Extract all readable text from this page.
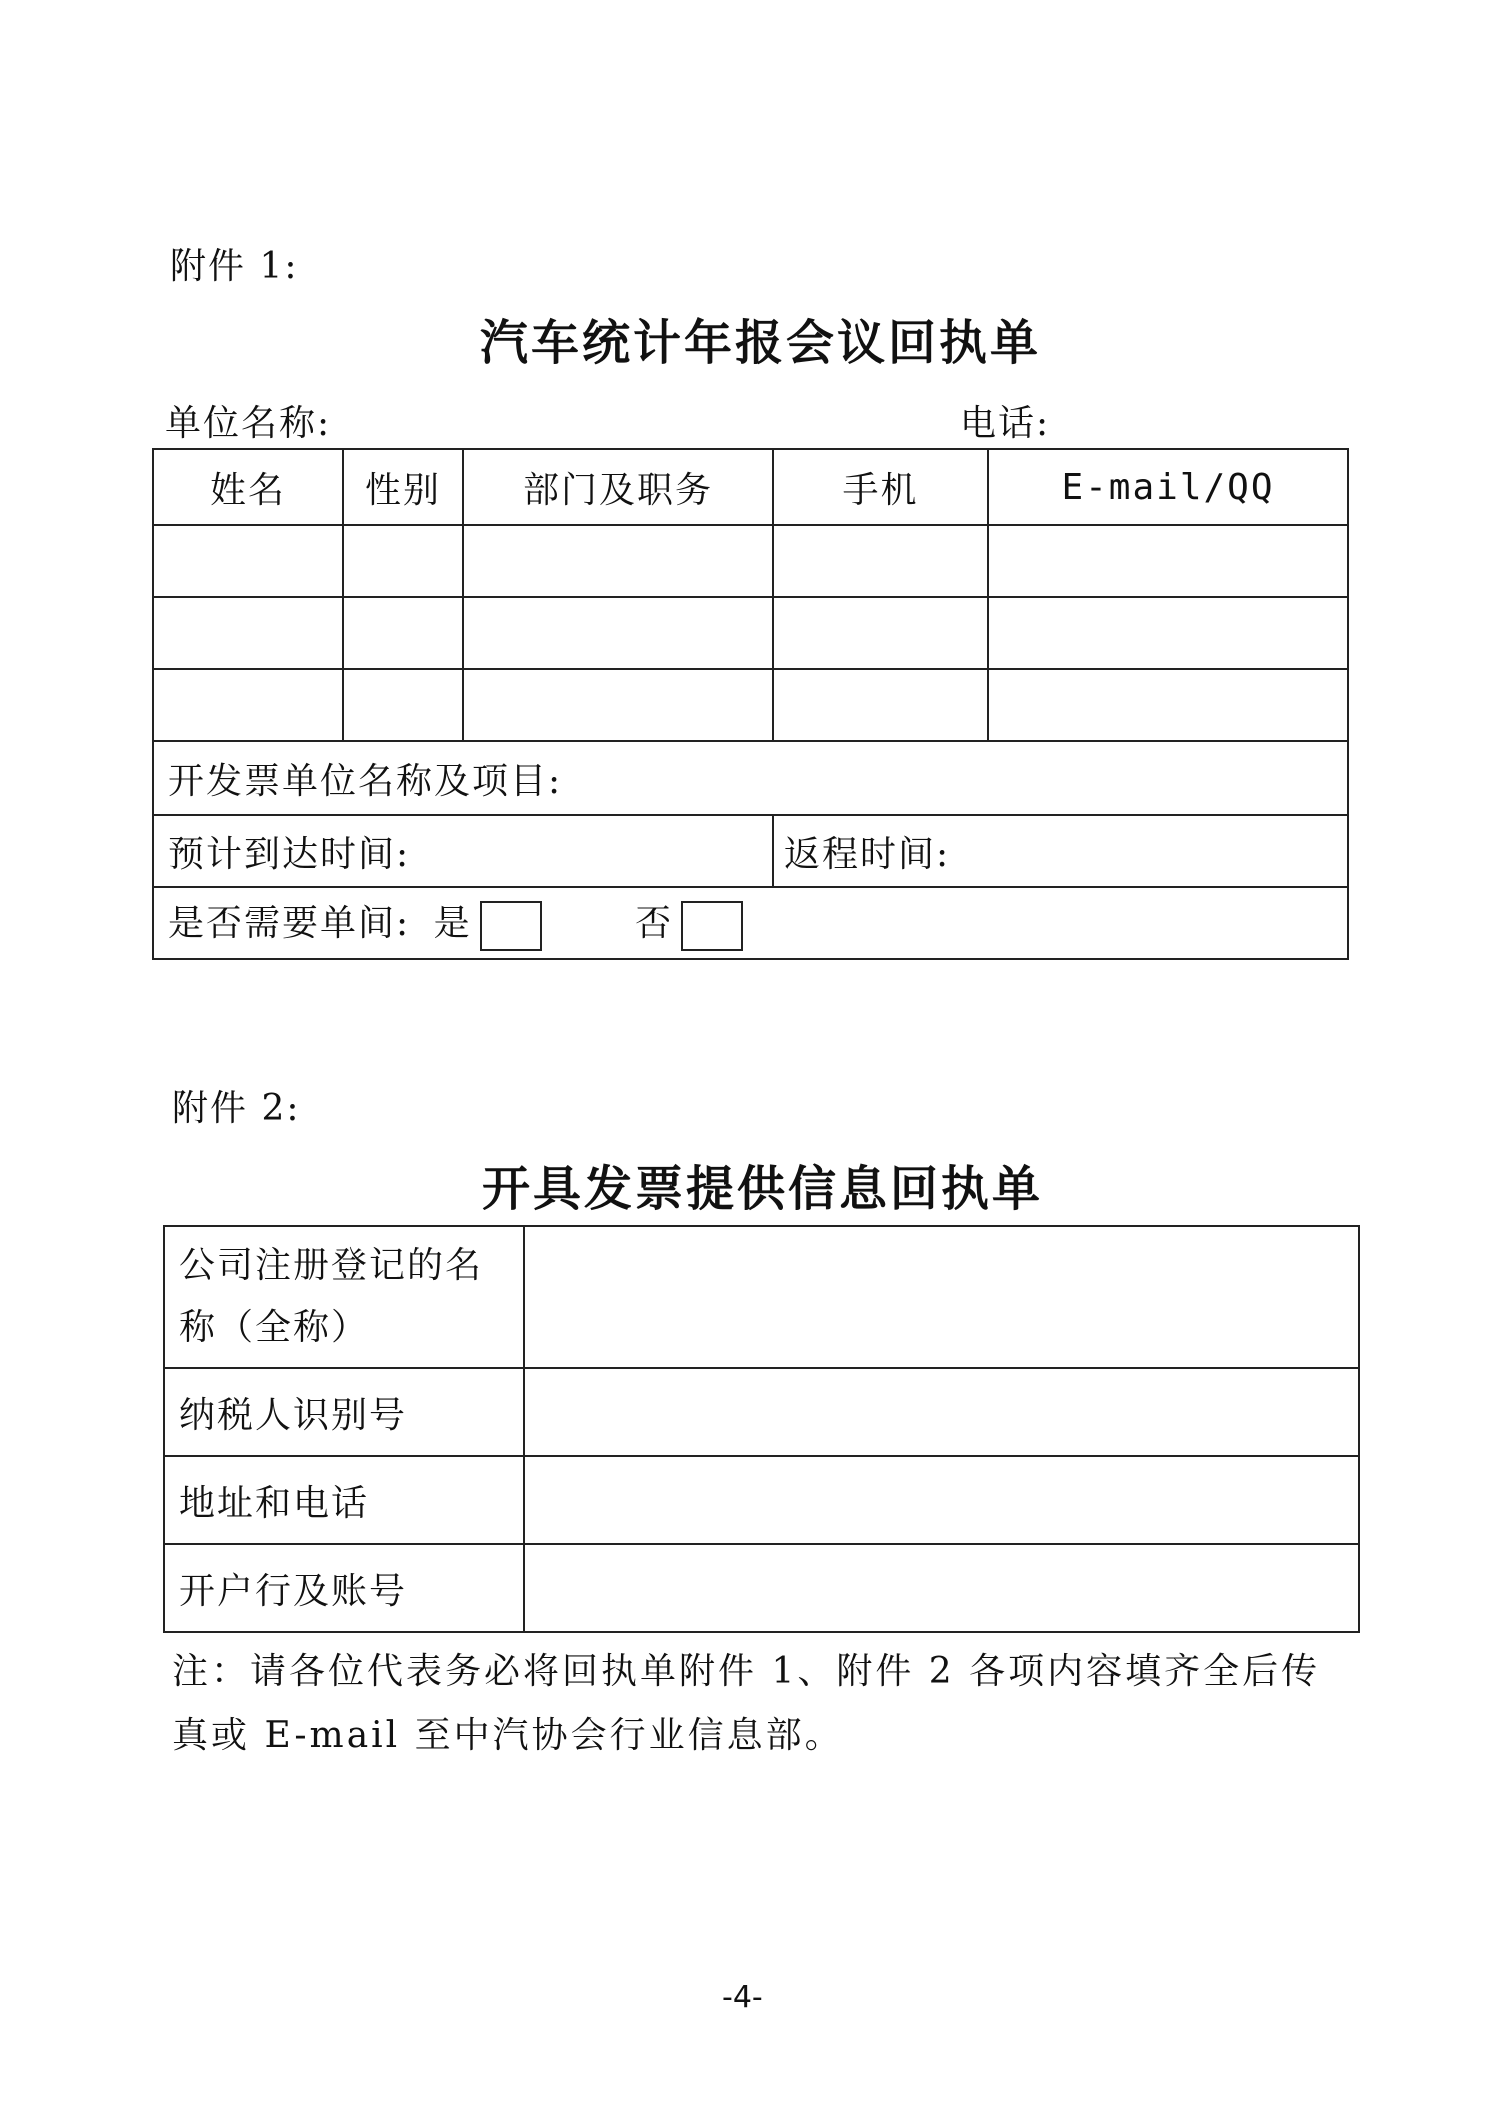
附件 1:
汽车统计年报会议回执单
单位名称:	电话:
姓名	性别	部门及职务	手机	E-mail/QQ

开发票单位名称及项目:				
预计到达时间:			返程时间:	
是否需要单间: 是 否				
附件 2:
开具发票提供信息回执单
公司注册登记的名称（全称）	
纳税人识别号	
地址和电话	
开户行及账号	
注：请各位代表务必将回执单附件 1、附件 2 各项内容填齐全后传真或 E-mail 至中汽协会行业信息部。
-4-
